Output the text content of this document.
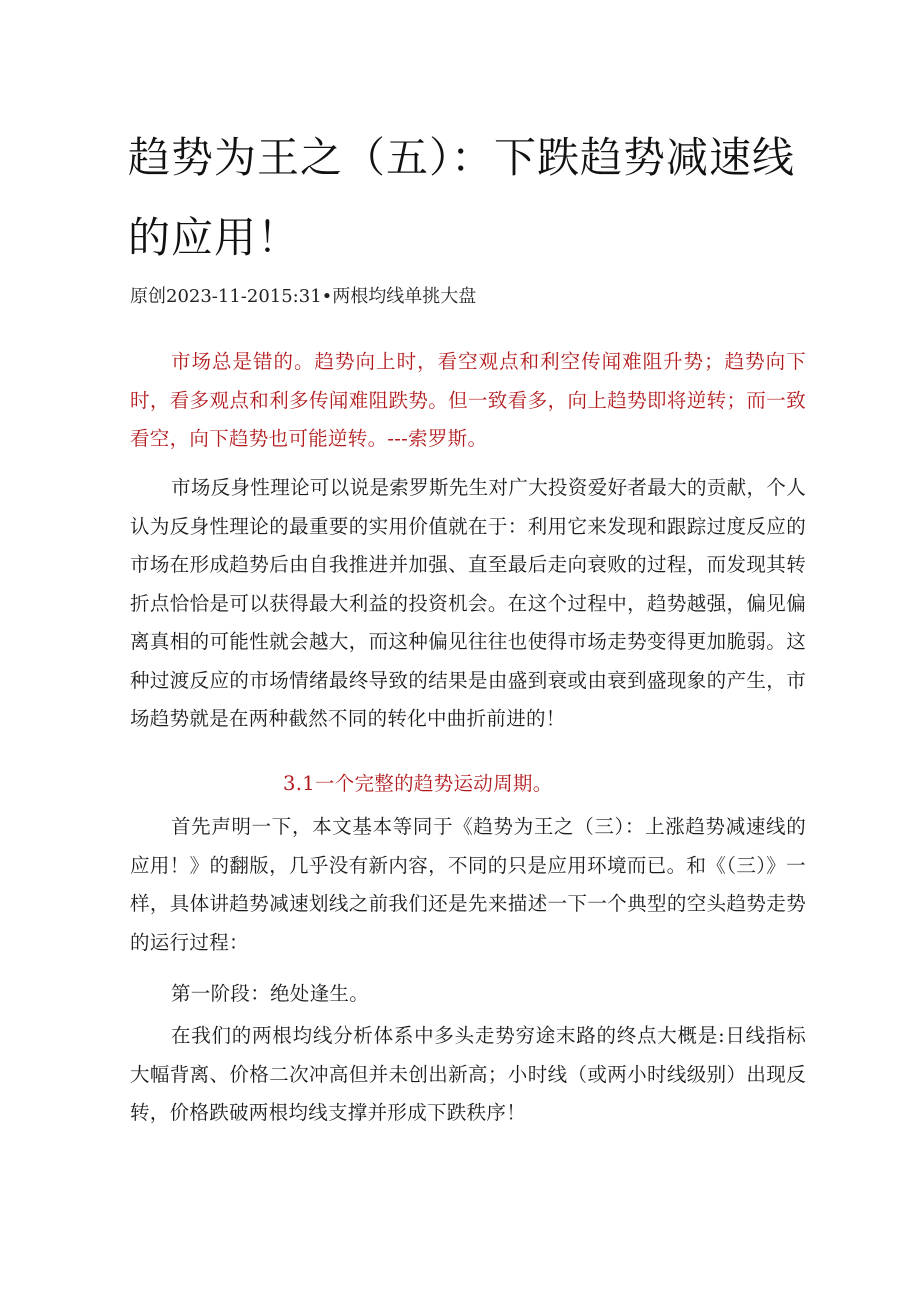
趋势为王之（五）：下跌趋势减速线的应用！

原创2023-11-2015:31•两根均线单挑大盘

市场总是错的。趋势向上时，看空观点和利空传闻难阻升势；趋势向下时，看多观点和利多传闻难阻跌势。但一致看多，向上趋势即将逆转；而一致看空，向下趋势也可能逆转。---索罗斯。

市场反身性理论可以说是索罗斯先生对广大投资爱好者最大的贡献，个人认为反身性理论的最重要的实用价值就在于：利用它来发现和跟踪过度反应的市场在形成趋势后由自我推进并加强、直至最后走向衰败的过程，而发现其转折点恰恰是可以获得最大利益的投资机会。在这个过程中，趋势越强，偏见偏离真相的可能性就会越大，而这种偏见往往也使得市场走势变得更加脆弱。这种过渡反应的市场情绪最终导致的结果是由盛到衰或由衰到盛现象的产生，市场趋势就是在两种截然不同的转化中曲折前进的！

3.1一个完整的趋势运动周期。

首先声明一下，本文基本等同于《趋势为王之（三）：上涨趋势减速线的应用！》的翻版，几乎没有新内容，不同的只是应用环境而已。和《（三）》一样，具体讲趋势减速划线之前我们还是先来描述一下一个典型的空头趋势走势的运行过程：

第一阶段：绝处逢生。

在我们的两根均线分析体系中多头走势穷途末路的终点大概是:日线指标大幅背离、价格二次冲高但并未创出新高；小时线（或两小时线级别）出现反转，价格跌破两根均线支撑并形成下跌秩序！
